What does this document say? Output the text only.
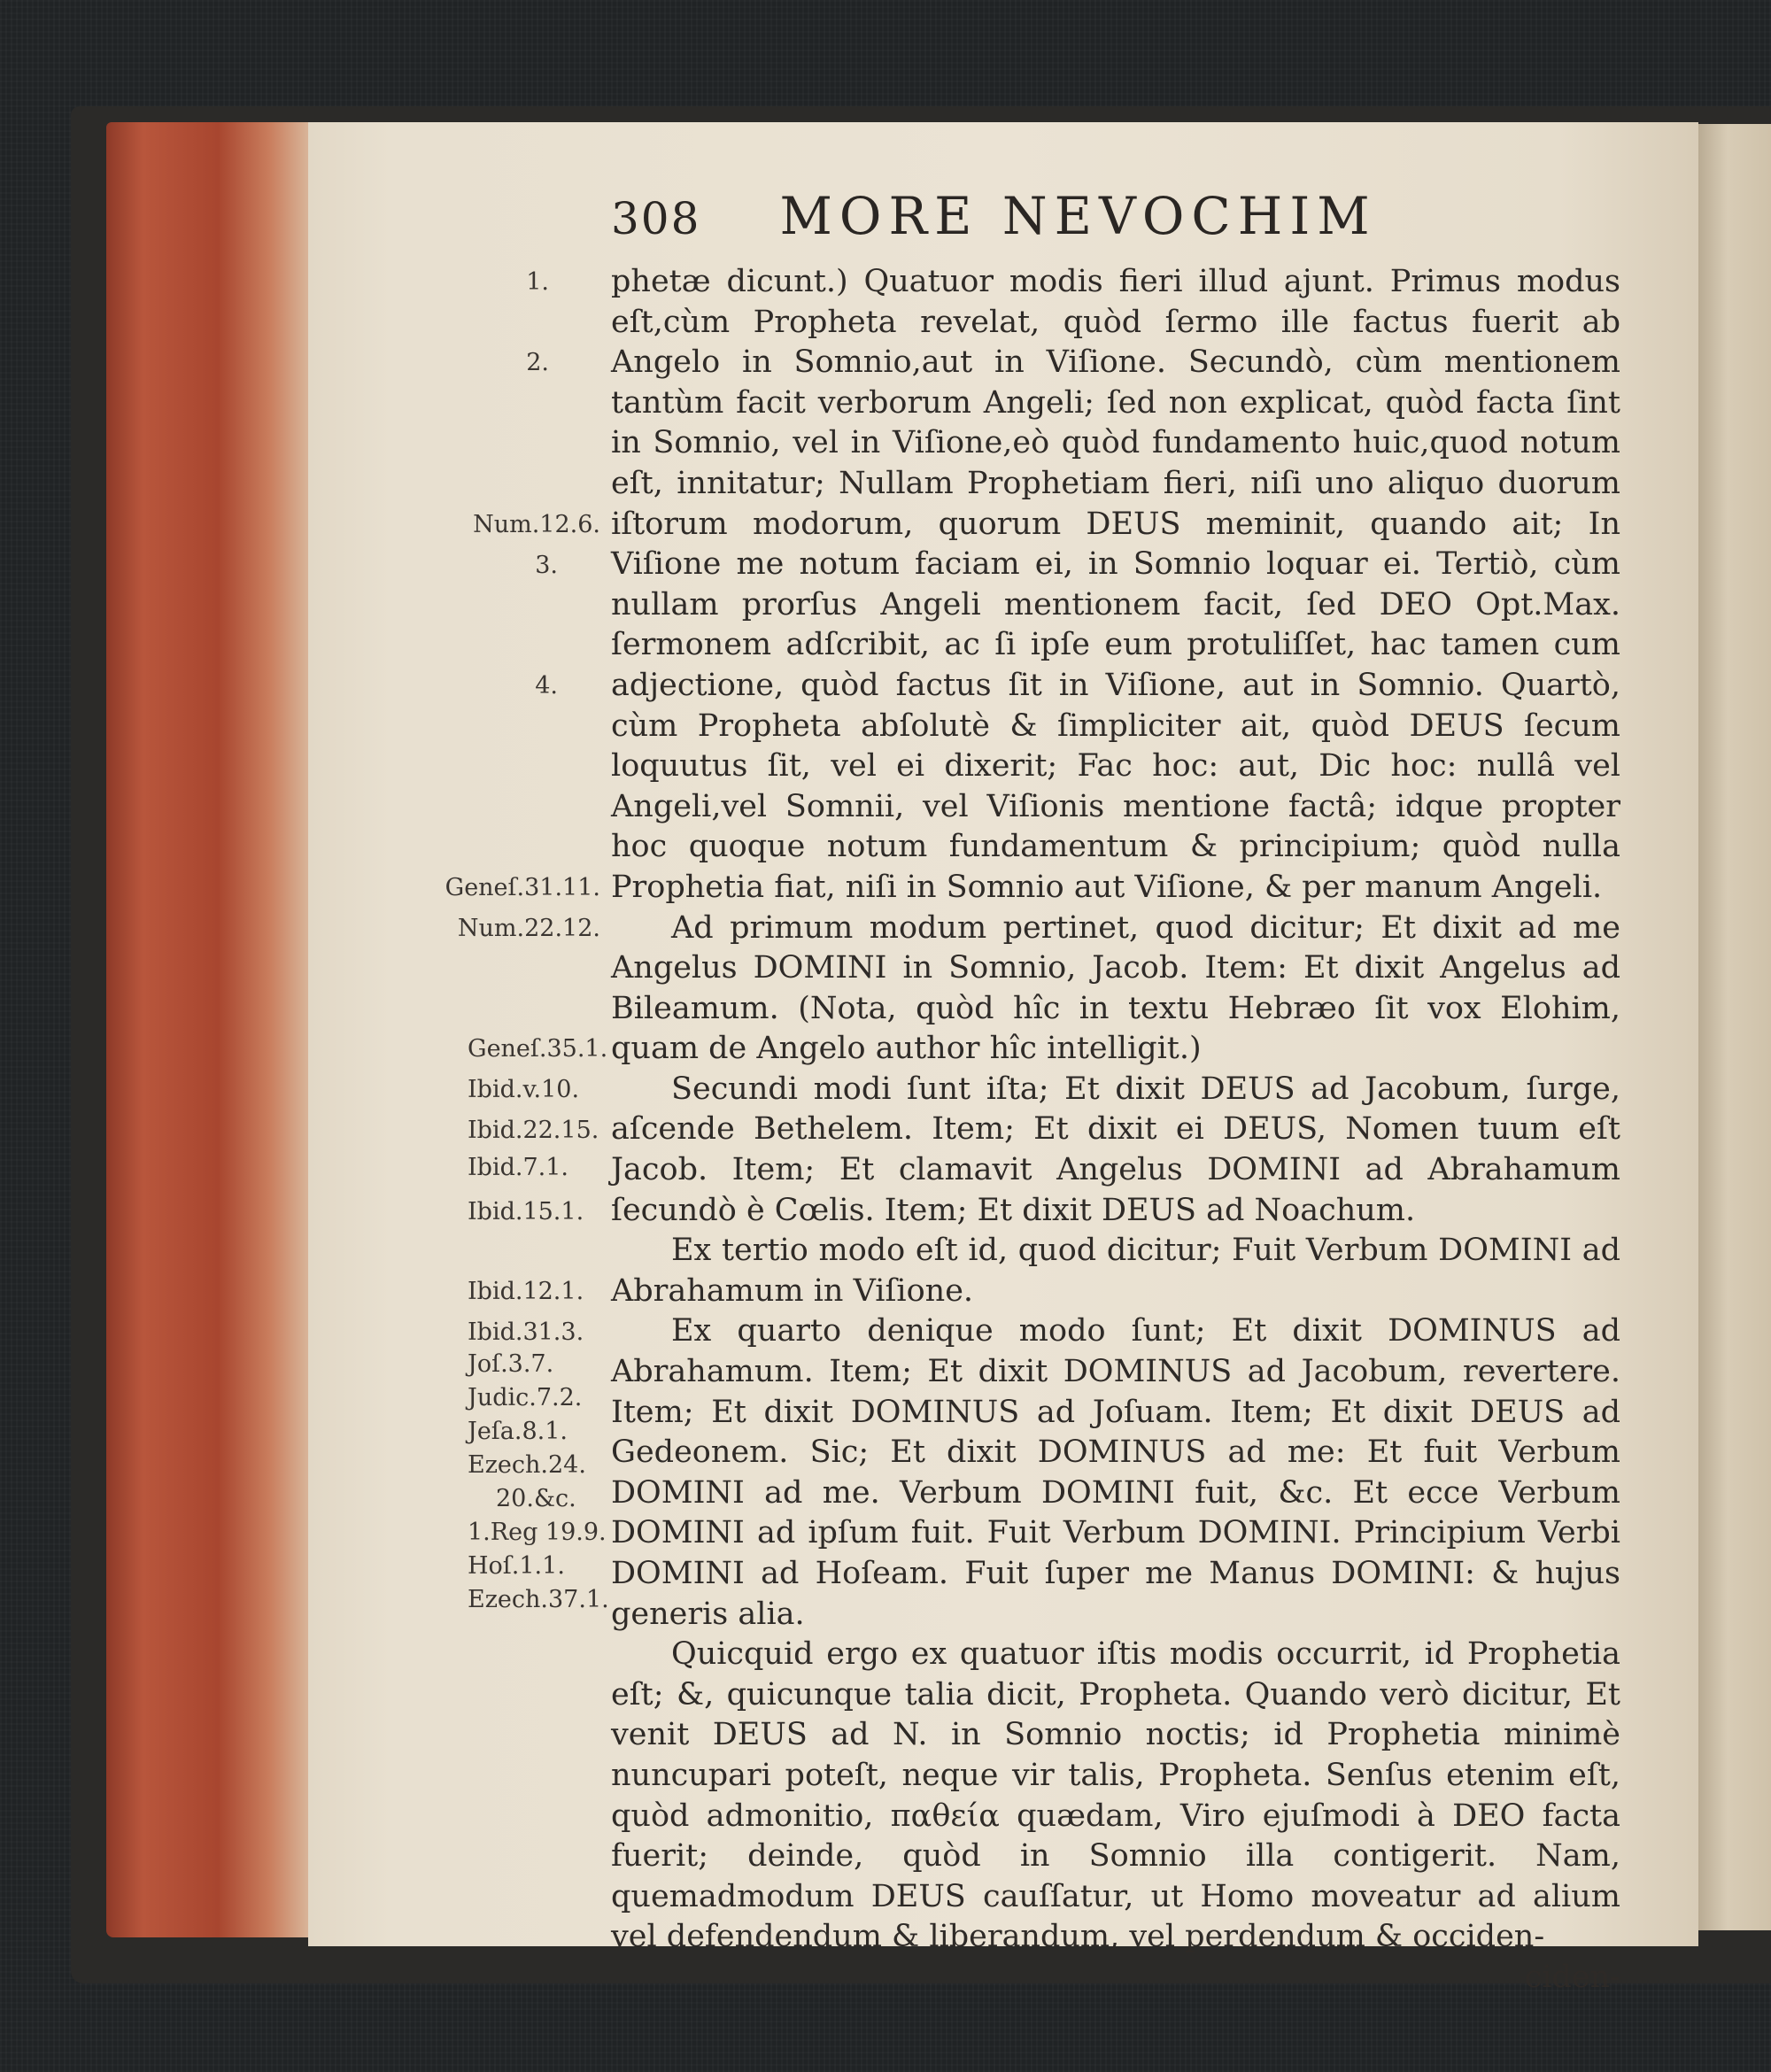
308 MORE NEVOCHIM
1.
2.
Num.12.6.
3.
4.
Geneſ.31.11.
Num.22.12.
Geneſ.35.1.
Ibid.v.10.
Ibid.22.15.
Ibid.7.1.
Ibid.15.1.
Ibid.12.1.
Ibid.31.3.
Joſ.3.7.
Judic.7.2.
Jeſa.8.1.
Ezech.24.
20.&c.
1.Reg 19.9.
Hoſ.1.1.
Ezech.37.1.

phetæ dicunt.) Quatuor modis fieri illud ajunt. Primus modus eſt,cùm Propheta revelat, quòd ſermo ille factus fuerit ab Angelo in Somnio,aut in Viſione. Secundò, cùm mentionem tantùm facit verborum Angeli; ſed non explicat, quòd facta ſint in Somnio, vel in Viſione,eò quòd fundamento huic,quod notum eſt, innitatur; Nullam Prophetiam fieri, niſi uno aliquo duorum iſtorum modorum, quorum DEUS meminit, quando ait; In Viſione me notum faciam ei, in Somnio loquar ei. Tertiò, cùm nullam prorſus Angeli mentionem facit, ſed DEO Opt.Max. ſermonem adſcribit, ac ſi ipſe eum protuliſſet, hac tamen cum adjectione, quòd factus ſit in Viſione, aut in Somnio. Quartò, cùm Propheta abſolutè & ſimpliciter ait, quòd DEUS ſecum loquutus ſit, vel ei dixerit; Fac hoc: aut, Dic hoc: nullâ vel Angeli,vel Somnii, vel Viſionis mentione factâ; idque propter hoc quoque notum fundamentum & principium; quòd nulla Prophetia fiat, niſi in Somnio aut Viſione, & per manum Angeli.

Ad primum modum pertinet, quod dicitur; Et dixit ad me Angelus DOMINI in Somnio, Jacob. Item: Et dixit Angelus ad Bileamum. (Nota, quòd hîc in textu Hebræo ſit vox Elohim, quam de Angelo author hîc intelligit.)

Secundi modi ſunt iſta; Et dixit DEUS ad Jacobum, ſurge, aſcende Bethelem. Item; Et dixit ei DEUS, Nomen tuum eſt Jacob. Item; Et clamavit Angelus DOMINI ad Abrahamum ſecundò è Cœlis. Item; Et dixit DEUS ad Noachum.

Ex tertio modo eſt id, quod dicitur; Fuit Verbum DOMINI ad Abrahamum in Viſione.

Ex quarto denique modo ſunt; Et dixit DOMINUS ad Abrahamum. Item; Et dixit DOMINUS ad Jacobum, revertere. Item; Et dixit DOMINUS ad Joſuam. Item; Et dixit DEUS ad Gedeonem. Sic; Et dixit DOMINUS ad me: Et fuit Verbum DOMINI ad me. Verbum DOMINI fuit, &c. Et ecce Verbum DOMINI ad ipſum fuit. Fuit Verbum DOMINI. Principium Verbi DOMINI ad Hoſeam. Fuit ſuper me Manus DOMINI: & hujus generis alia.

Quicquid ergo ex quatuor iſtis modis occurrit, id Prophetia eſt; &, quicunque talia dicit, Propheta. Quando verò dicitur, Et venit DEUS ad N. in Somnio noctis; id Prophetia minimè nuncupari poteſt, neque vir talis, Propheta. Senſus etenim eſt, quòd admonitio, παθεία quædam, Viro ejuſmodi à DEO facta fuerit; deinde, quòd in Somnio illa contigerit. Nam, quemadmodum DEUS cauſſatur, ut Homo moveatur ad alium vel defendendum & liberandum, vel perdendum & occiden-

ciden-
